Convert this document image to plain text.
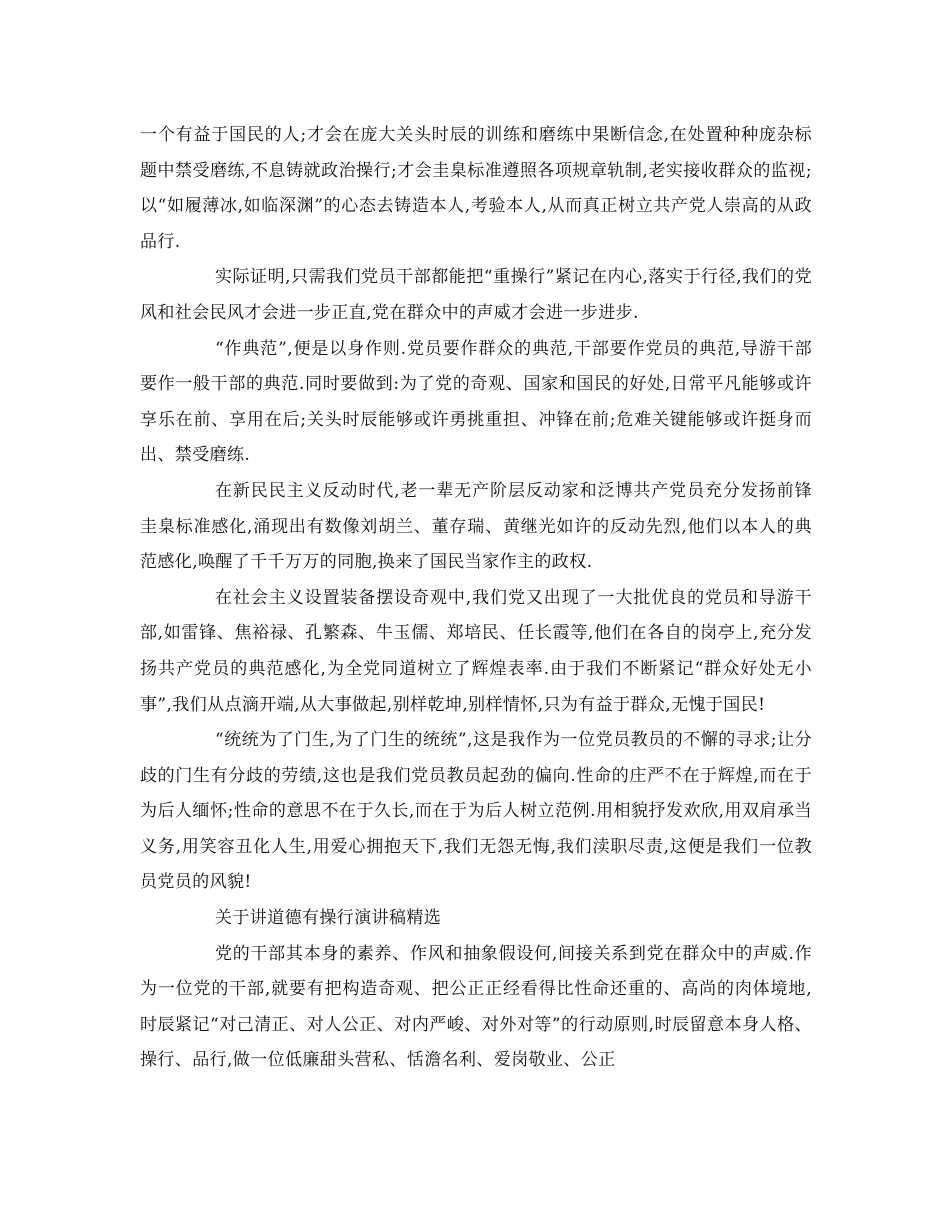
一个有益于国民的人;才会在庞大关头时辰的训练和磨练中果断信念,在处置种种庞杂标题中禁受磨练,不息铸就政治操行;才会圭臬标准遵照各项规章轨制,老实接收群众的监视;以“如履薄冰,如临深渊”的心态去铸造本人,考验本人,从而真正树立共产党人崇高的从政品行.

实际证明,只需我们党员干部都能把“重操行”紧记在内心,落实于行径,我们的党风和社会民风才会进一步正直,党在群众中的声威才会进一步进步.

“作典范”,便是以身作则.党员要作群众的典范,干部要作党员的典范,导游干部要作一般干部的典范.同时要做到:为了党的奇观、国家和国民的好处,日常平凡能够或许享乐在前、享用在后;关头时辰能够或许勇挑重担、冲锋在前;危难关键能够或许挺身而出、禁受磨练.

在新民民主义反动时代,老一辈无产阶层反动家和泛博共产党员充分发扬前锋圭臬标准感化,涌现出有数像刘胡兰、董存瑞、黄继光如许的反动先烈,他们以本人的典范感化,唤醒了千千万万的同胞,换来了国民当家作主的政权.

在社会主义设置装备摆设奇观中,我们党又出现了一大批优良的党员和导游干部,如雷锋、焦裕禄、孔繁森、牛玉儒、郑培民、任长霞等,他们在各自的岗亭上,充分发扬共产党员的典范感化,为全党同道树立了辉煌表率.由于我们不断紧记“群众好处无小事”,我们从点滴开端,从大事做起,别样乾坤,别样情怀,只为有益于群众,无愧于国民!

“统统为了门生,为了门生的统统”,这是我作为一位党员教员的不懈的寻求;让分歧的门生有分歧的劳绩,这也是我们党员教员起劲的偏向.性命的庄严不在于辉煌,而在于为后人缅怀;性命的意思不在于久长,而在于为后人树立范例.用相貌抒发欢欣,用双肩承当义务,用笑容丑化人生,用爱心拥抱天下,我们无怨无悔,我们渎职尽责,这便是我们一位教员党员的风貌!

关于讲道德有操行演讲稿精选

党的干部其本身的素养、作风和抽象假设何,间接关系到党在群众中的声威.作为一位党的干部,就要有把构造奇观、把公正正经看得比性命还重的、高尚的肉体境地,时辰紧记“对己清正、对人公正、对内严峻、对外对等”的行动原则,时辰留意本身人格、操行、品行,做一位低廉甜头营私、恬澹名利、爱岗敬业、公正
